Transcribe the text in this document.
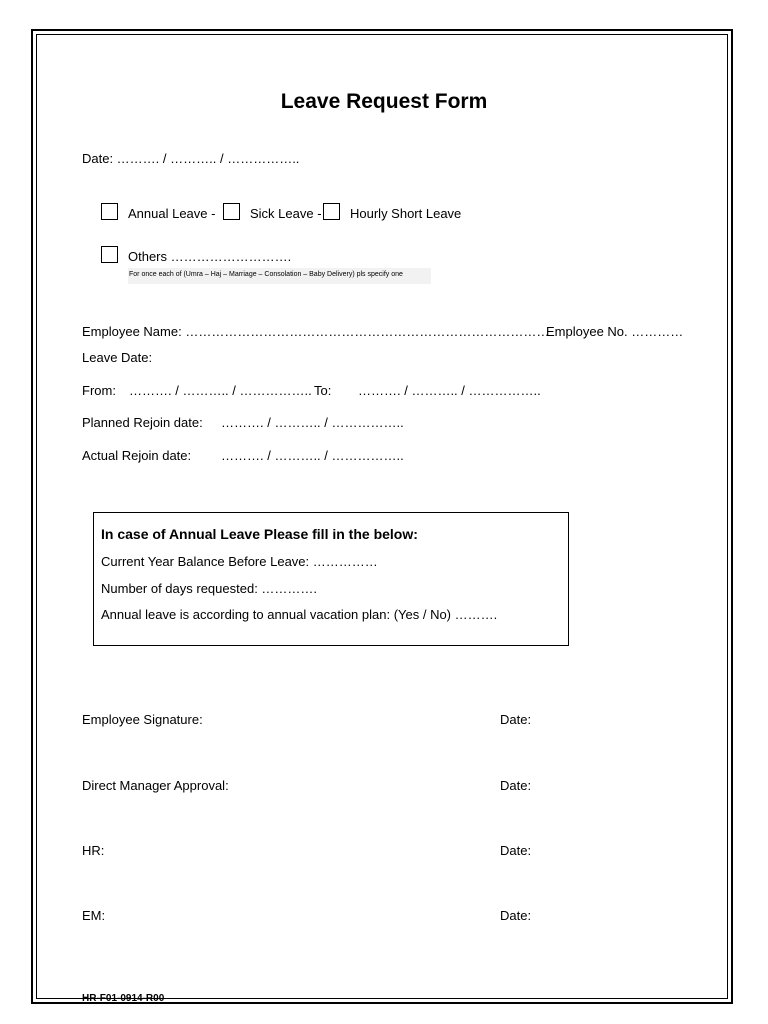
Leave Request Form
Date: ………. / ……….. / ……………..
Annual Leave -	Sick Leave - Hourly Short Leave
Others ……………………….
For once each of (Umra – Haj – Marriage – Consolation – Baby Delivery) pls specify one
Employee Name: …………………………………………………………………………
Employee No. …………
Leave Date:
From: ………. / ……….. / …………….. To: ………. / ……….. / ……………..
Planned Rejoin date: ………. / ……….. / ……………..
Actual Rejoin date: ………. / ……….. / ……………..
In case of Annual Leave Please fill in the below:
Current Year Balance Before Leave: ……………
Number of days requested: ………….
Annual leave is according to annual vacation plan: (Yes / No) ……….
Employee Signature:	Date:
Direct Manager Approval:	Date:
HR:	Date:
EM:	Date:
HR-F01-0914-R00
